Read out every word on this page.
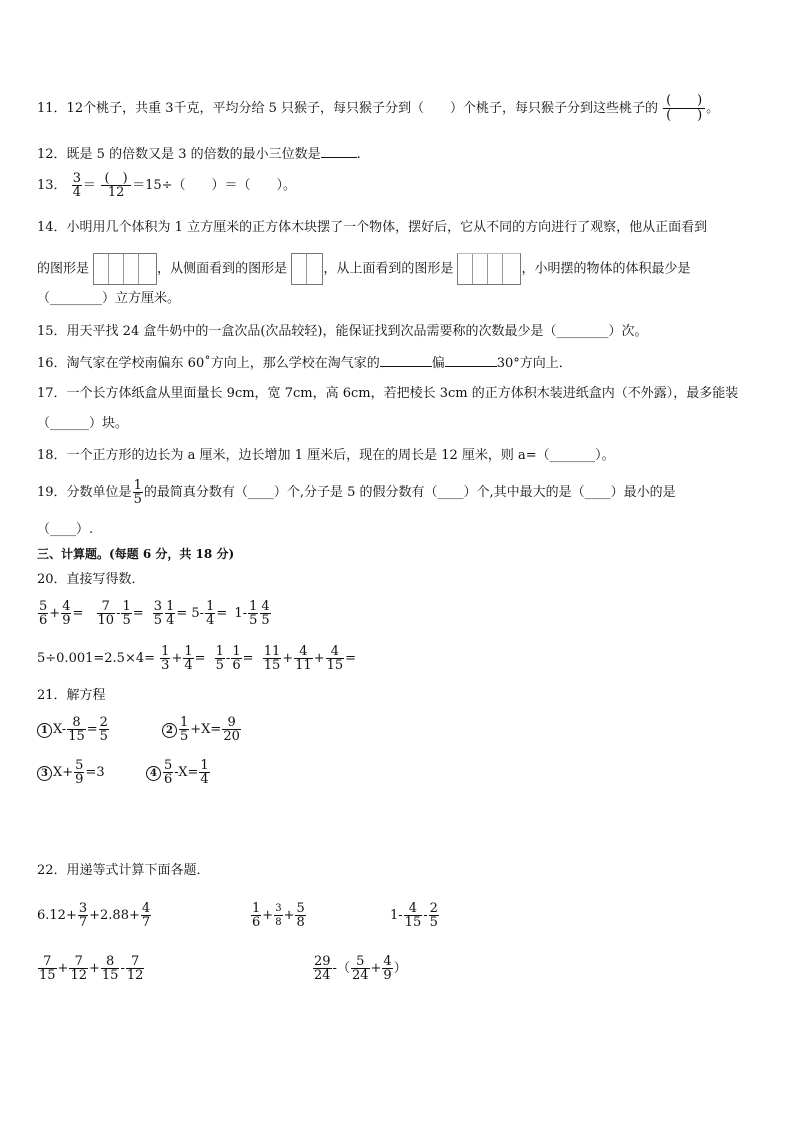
11．12个桃子，共重 3千克，平均分给 5 只猴子，每只猴子分到（　　）个桃子，每只猴子分到这些桃子的
(　　)
(　　) 。
12．既是 5 的倍数又是 3 的倍数的最小三位数是	.
13． $\frac{3}{4}$ ＝ (　)
12 ＝15÷（　　）＝（　　）。
14．小明用几个体积为 1 立方厘米的正方体木块摆了一个物体，摆好后，它从不同的方向进行了观察，他从正面看到
的图形是	，从侧面看到的图形是	，从上面看到的图形是	，小明摆的物体的体积最少是
（________）立方厘米。
15．用天平找 24 盒牛奶中的一盒次品(次品较轻)，能保证找到次品需要称的次数最少是（________）次。
16．淘气家在学校南偏东 60˚方向上，那么学校在淘气家的	偏	30°方向上．
17．一个长方体纸盒从里面量长 9cm，宽 7cm，高 6cm，若把棱长 3cm 的正方体积木装进纸盒内（不外露），最多能装
（______）块。
18．一个正方形的边长为 a 厘米，边长增加 1 厘米后，现在的周长是 12 厘米，则 a=（_______）。
19．分数单位是 $\frac{1}{5}$ 的最简真分数有（____）个,分子是 5 的假分数有（____）个,其中最大的是（____）最小的是
（____）.
三、计算题。(每题 6 分，共 18 分)
20．直接写得数．
$\frac{5}{6} + \frac{4}{9} = \frac{7}{10} - \frac{1}{5} = \frac{3}{5} \frac{1}{4} = 5- \frac{1}{4} = 1- \frac{1}{5} \frac{4}{5}$
$5\div 0.001=2.5\times 4= \frac{1}{3} + \frac{1}{4} = \frac{1}{5} - \frac{1}{6} = \frac{11}{15} + \frac{4}{11} + \frac{4}{15}$ =
21．解方程
1 $X- \frac{8}{15} = \frac{2}{5}$	$2 \frac{1}{5} +X= \frac{9}{20}$
3 $X+ \frac{5}{9} =3$	$4 \frac{5}{6} -X= \frac{1}{4}$
22．用递等式计算下面各题．
$6.12+ \frac{3}{7} +2.88+ \frac{4}{7}$	$\frac{1}{6} + \frac{3}{8} + \frac{5}{8}$	$1- \frac{4}{15} - \frac{2}{5}$
$\frac{7}{15} + \frac{7}{12} + \frac{8}{15} - \frac{7}{12}$	$\frac{29}{24}$ -（ $\frac{5}{24} + \frac{4}{9}$ ）
